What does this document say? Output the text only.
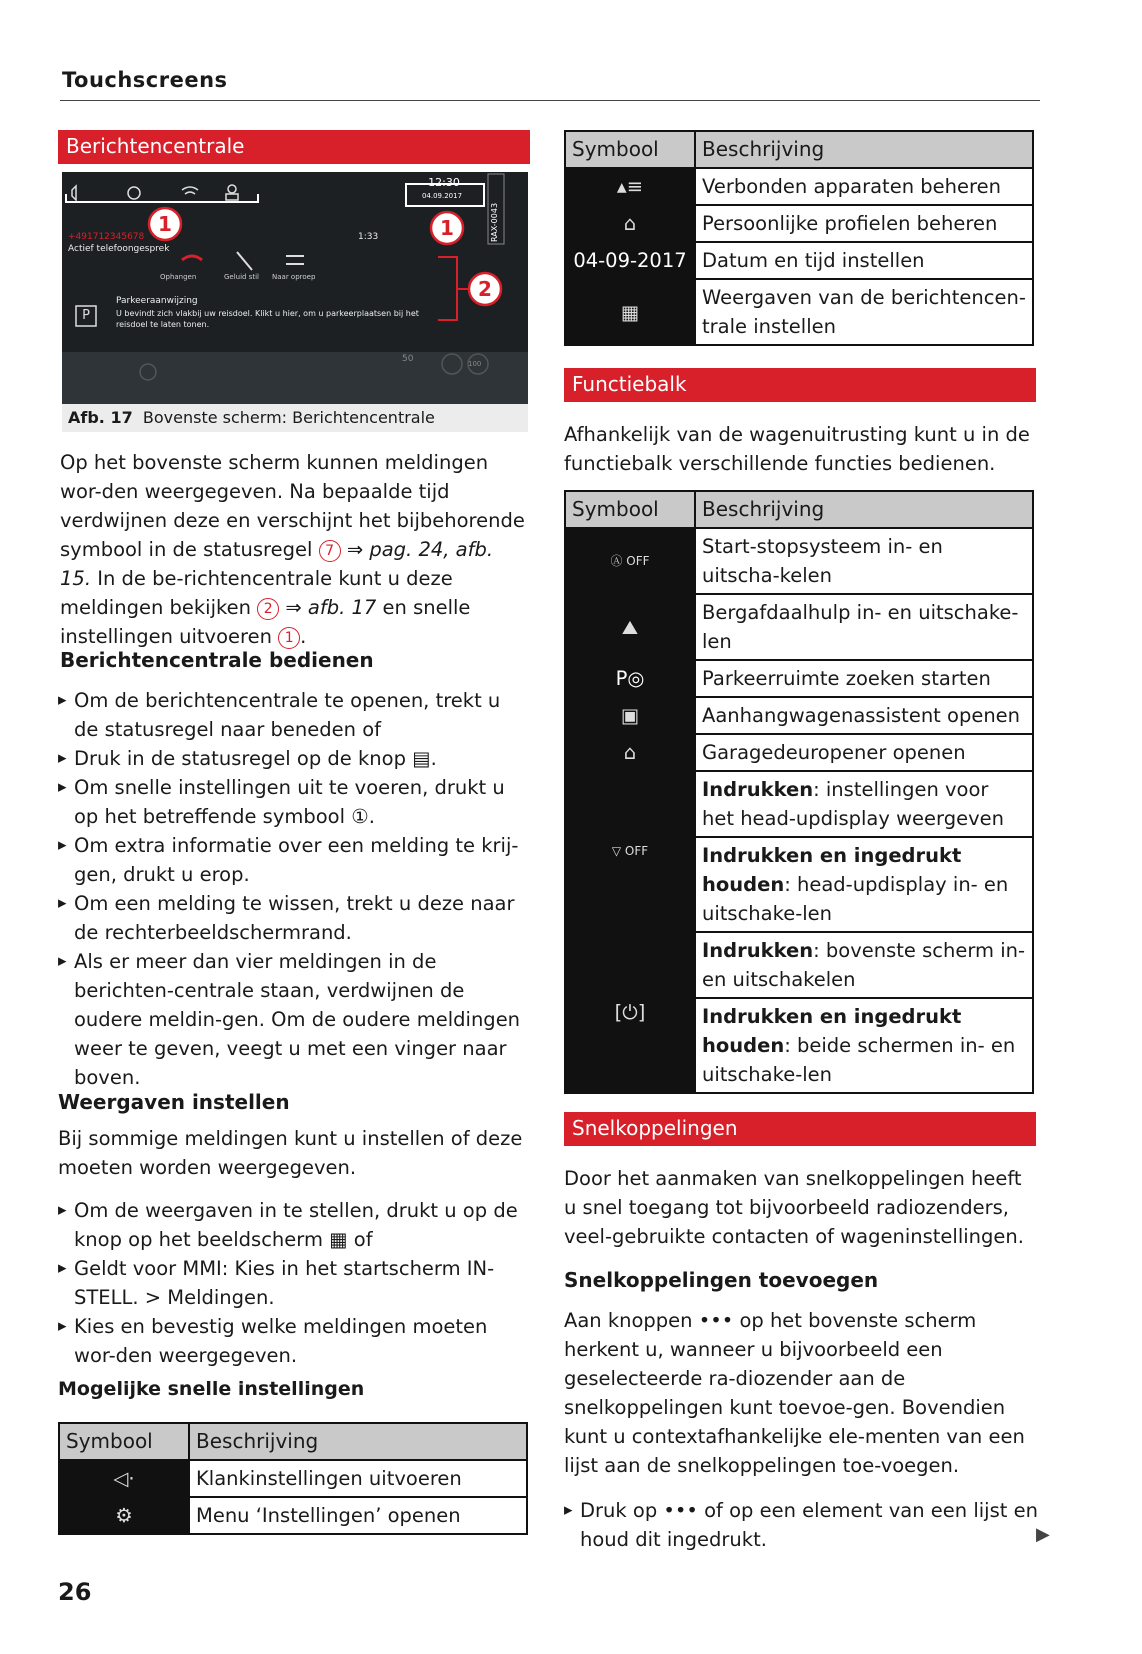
Touchscreens
Berichtencentrale
12:30
04.09.2017
RAX-0043
+491712345678
Actief telefoongesprek
1:33
Ophangen	Geluid stil Naar oproep
Parkeeraanwijzing
U bevindt zich vlakbij uw reisdoel. Klikt u hier, om u parkeerplaatsen bij het reisdoel te laten tonen.
P
1	1
2
50	100
Afb. 17 Bovenste scherm: Berichtencentrale
Op het bovenste scherm kunnen meldingen wor-den weergegeven. Na bepaalde tijd verdwijnen deze en verschijnt het bijbehorende symbool in de statusregel 7 ⇒ pag. 24, afb. 15. In de be-richtencentrale kunt u deze meldingen bekijken 2 ⇒ afb. 17 en snelle instellingen uitvoeren 1 .
Berichtencentrale bedienen
▸ Om de berichtencentrale te openen, trekt u de statusregel naar beneden of
▸ Druk in de statusregel op de knop ▤.
▸ Om snelle instellingen uit te voeren, drukt u op het betreffende symbool ①.
▸ Om extra informatie over een melding te krij-gen, drukt u erop.
▸ Om een melding te wissen, trekt u deze naar de rechterbeeldschermrand.
▸ Als er meer dan vier meldingen in de berichten-centrale staan, verdwijnen de oudere meldin-gen. Om de oudere meldingen weer te geven, veegt u met een vinger naar boven.
Weergaven instellen
Bij sommige meldingen kunt u instellen of deze moeten worden weergegeven.
▸ Om de weergaven in te stellen, drukt u op de knop op het beeldscherm ▦ of
▸ Geldt voor MMI: Kies in het startscherm IN-STELL. > Meldingen.
▸ Kies en bevestig welke meldingen moeten wor-den weergegeven.
Mogelijke snelle instellingen
Symbool	Beschrijving
◁·	Klankinstellingen uitvoeren
⚙	Menu ‘Instellingen’ openen
26
Symbool	Beschrijving
▴≡	Verbonden apparaten beheren
⌂	Persoonlijke profielen beheren
04-09-2017	Datum en tijd instellen
▦	Weergaven van de berichtencen-trale instellen
Functiebalk
Afhankelijk van de wagenuitrusting kunt u in de functiebalk verschillende functies bedienen.
Symbool	Beschrijving
Ⓐ OFF	Start-stopsysteem in- en uitscha-kelen
⛰	Bergafdaalhulp in- en uitschake-len
P◎	Parkeerruimte zoeken starten
▣	Aanhangwagenassistent openen
⌂	Garagedeuropener openen
▽ OFF	Indrukken: instellingen voor het head-updisplay weergeven
	Indrukken en ingedrukt houden: head-updisplay in- en uitschake-len
[⏻]	Indrukken: bovenste scherm in- en uitschakelen
	Indrukken en ingedrukt houden: beide schermen in- en uitschake-len
Snelkoppelingen
Door het aanmaken van snelkoppelingen heeft u snel toegang tot bijvoorbeeld radiozenders, veel-gebruikte contacten of wageninstellingen.
Snelkoppelingen toevoegen
Aan knoppen ••• op het bovenste scherm herkent u, wanneer u bijvoorbeeld een geselecteerde ra-diozender aan de snelkoppelingen kunt toevoe-gen. Bovendien kunt u contextafhankelijke ele-menten van een lijst aan de snelkoppelingen toe-voegen.
▸ Druk op ••• of op een element van een lijst en houd dit ingedrukt.	▶
